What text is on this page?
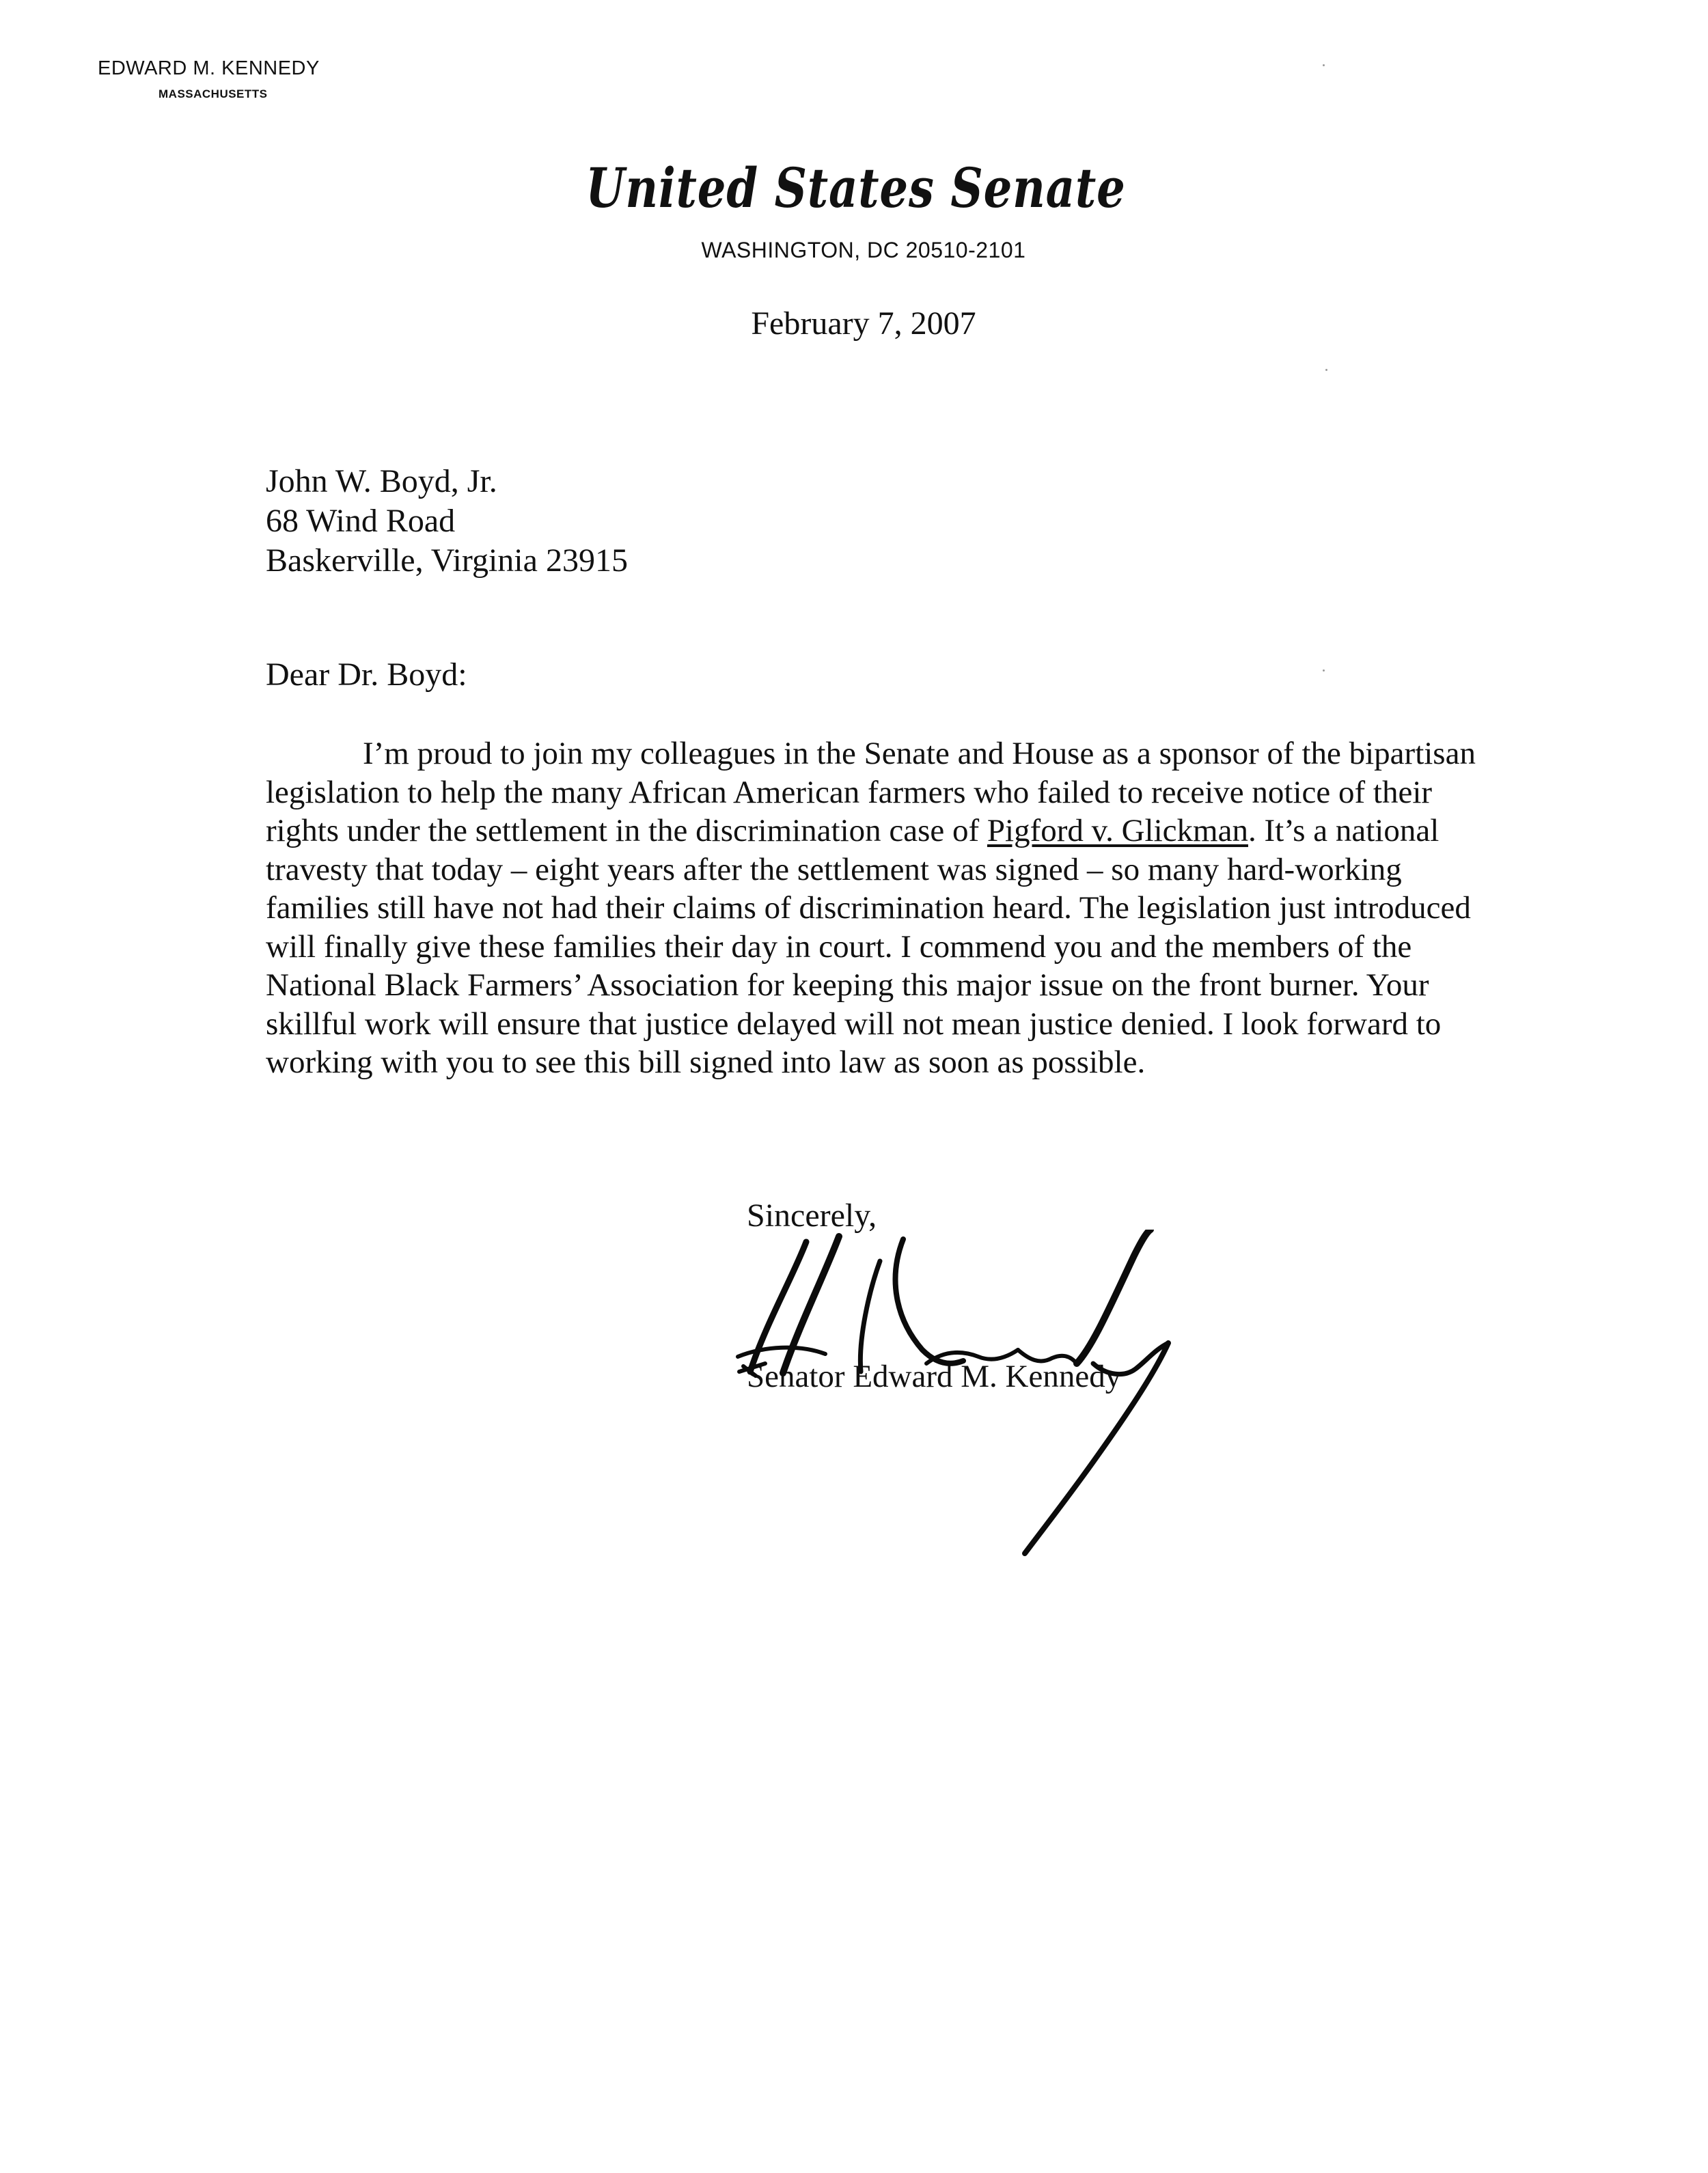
EDWARD M. KENNEDY
MASSACHUSETTS
United States Senate
WASHINGTON, DC 20510-2101
February 7, 2007
John W. Boyd, Jr.
68 Wind Road
Baskerville, Virginia 23915
Dear Dr. Boyd:
I’m proud to join my colleagues in the Senate and House as a sponsor of the bipartisan legislation to help the many African American farmers who failed to receive notice of their rights under the settlement in the discrimination case of Pigford v. Glickman. It’s a national travesty that today – eight years after the settlement was signed – so many hard-working families still have not had their claims of discrimination heard. The legislation just introduced will finally give these families their day in court. I commend you and the members of the National Black Farmers’ Association for keeping this major issue on the front burner. Your skillful work will ensure that justice delayed will not mean justice denied. I look forward to working with you to see this bill signed into law as soon as possible.
Sincerely,
Senator Edward M. Kennedy
